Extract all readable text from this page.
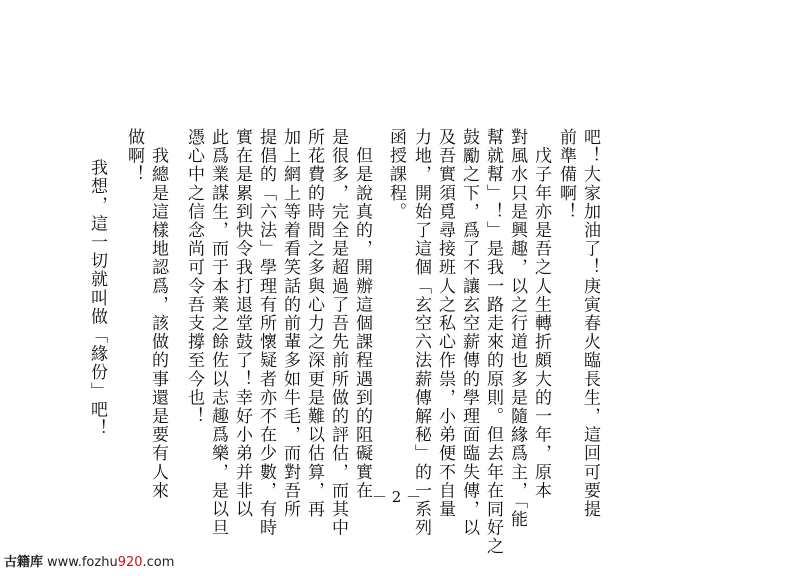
吧！大家加油了！庚寅春火臨長生，這回可要提
前準備啊！
　戊子年亦是吾之人生轉折頗大的一年，原本
對風水只是興趣，以之行道也多是隨緣爲主，「能
幫就幫」！」是我一路走來的原則。但去年在同好之
鼓勵之下，爲了不讓玄空薪傳的學理面臨失傳，以
及吾實須覓尋接班人之私心作祟，小弟便不自量
力地，開始了這個「玄空六法薪傳解秘」的一系列
函授課程。
　但是說真的，開辦這個課程遇到的阻礙實在
是很多，完全是超過了吾先前所做的評估，而其中
所花費的時間之多與心力之深更是難以估算，再
加上網上等着看笑話的前輩多如牛毛，而對吾所
提倡的「六法」學理有所懷疑者亦不在少數，有時
實在是累到快令我打退堂鼓了！幸好小弟并非以
此爲業謀生，而于本業之餘佐以志趣爲樂，是以旦
憑心中之信念尚可令吾支撐至今也！
　我總是這樣地認爲，該做的事還是要有人來
做啊！
　我想，這一切就叫做「緣份」吧！
－ 2 －
古籍库 www.fozhu920.com
